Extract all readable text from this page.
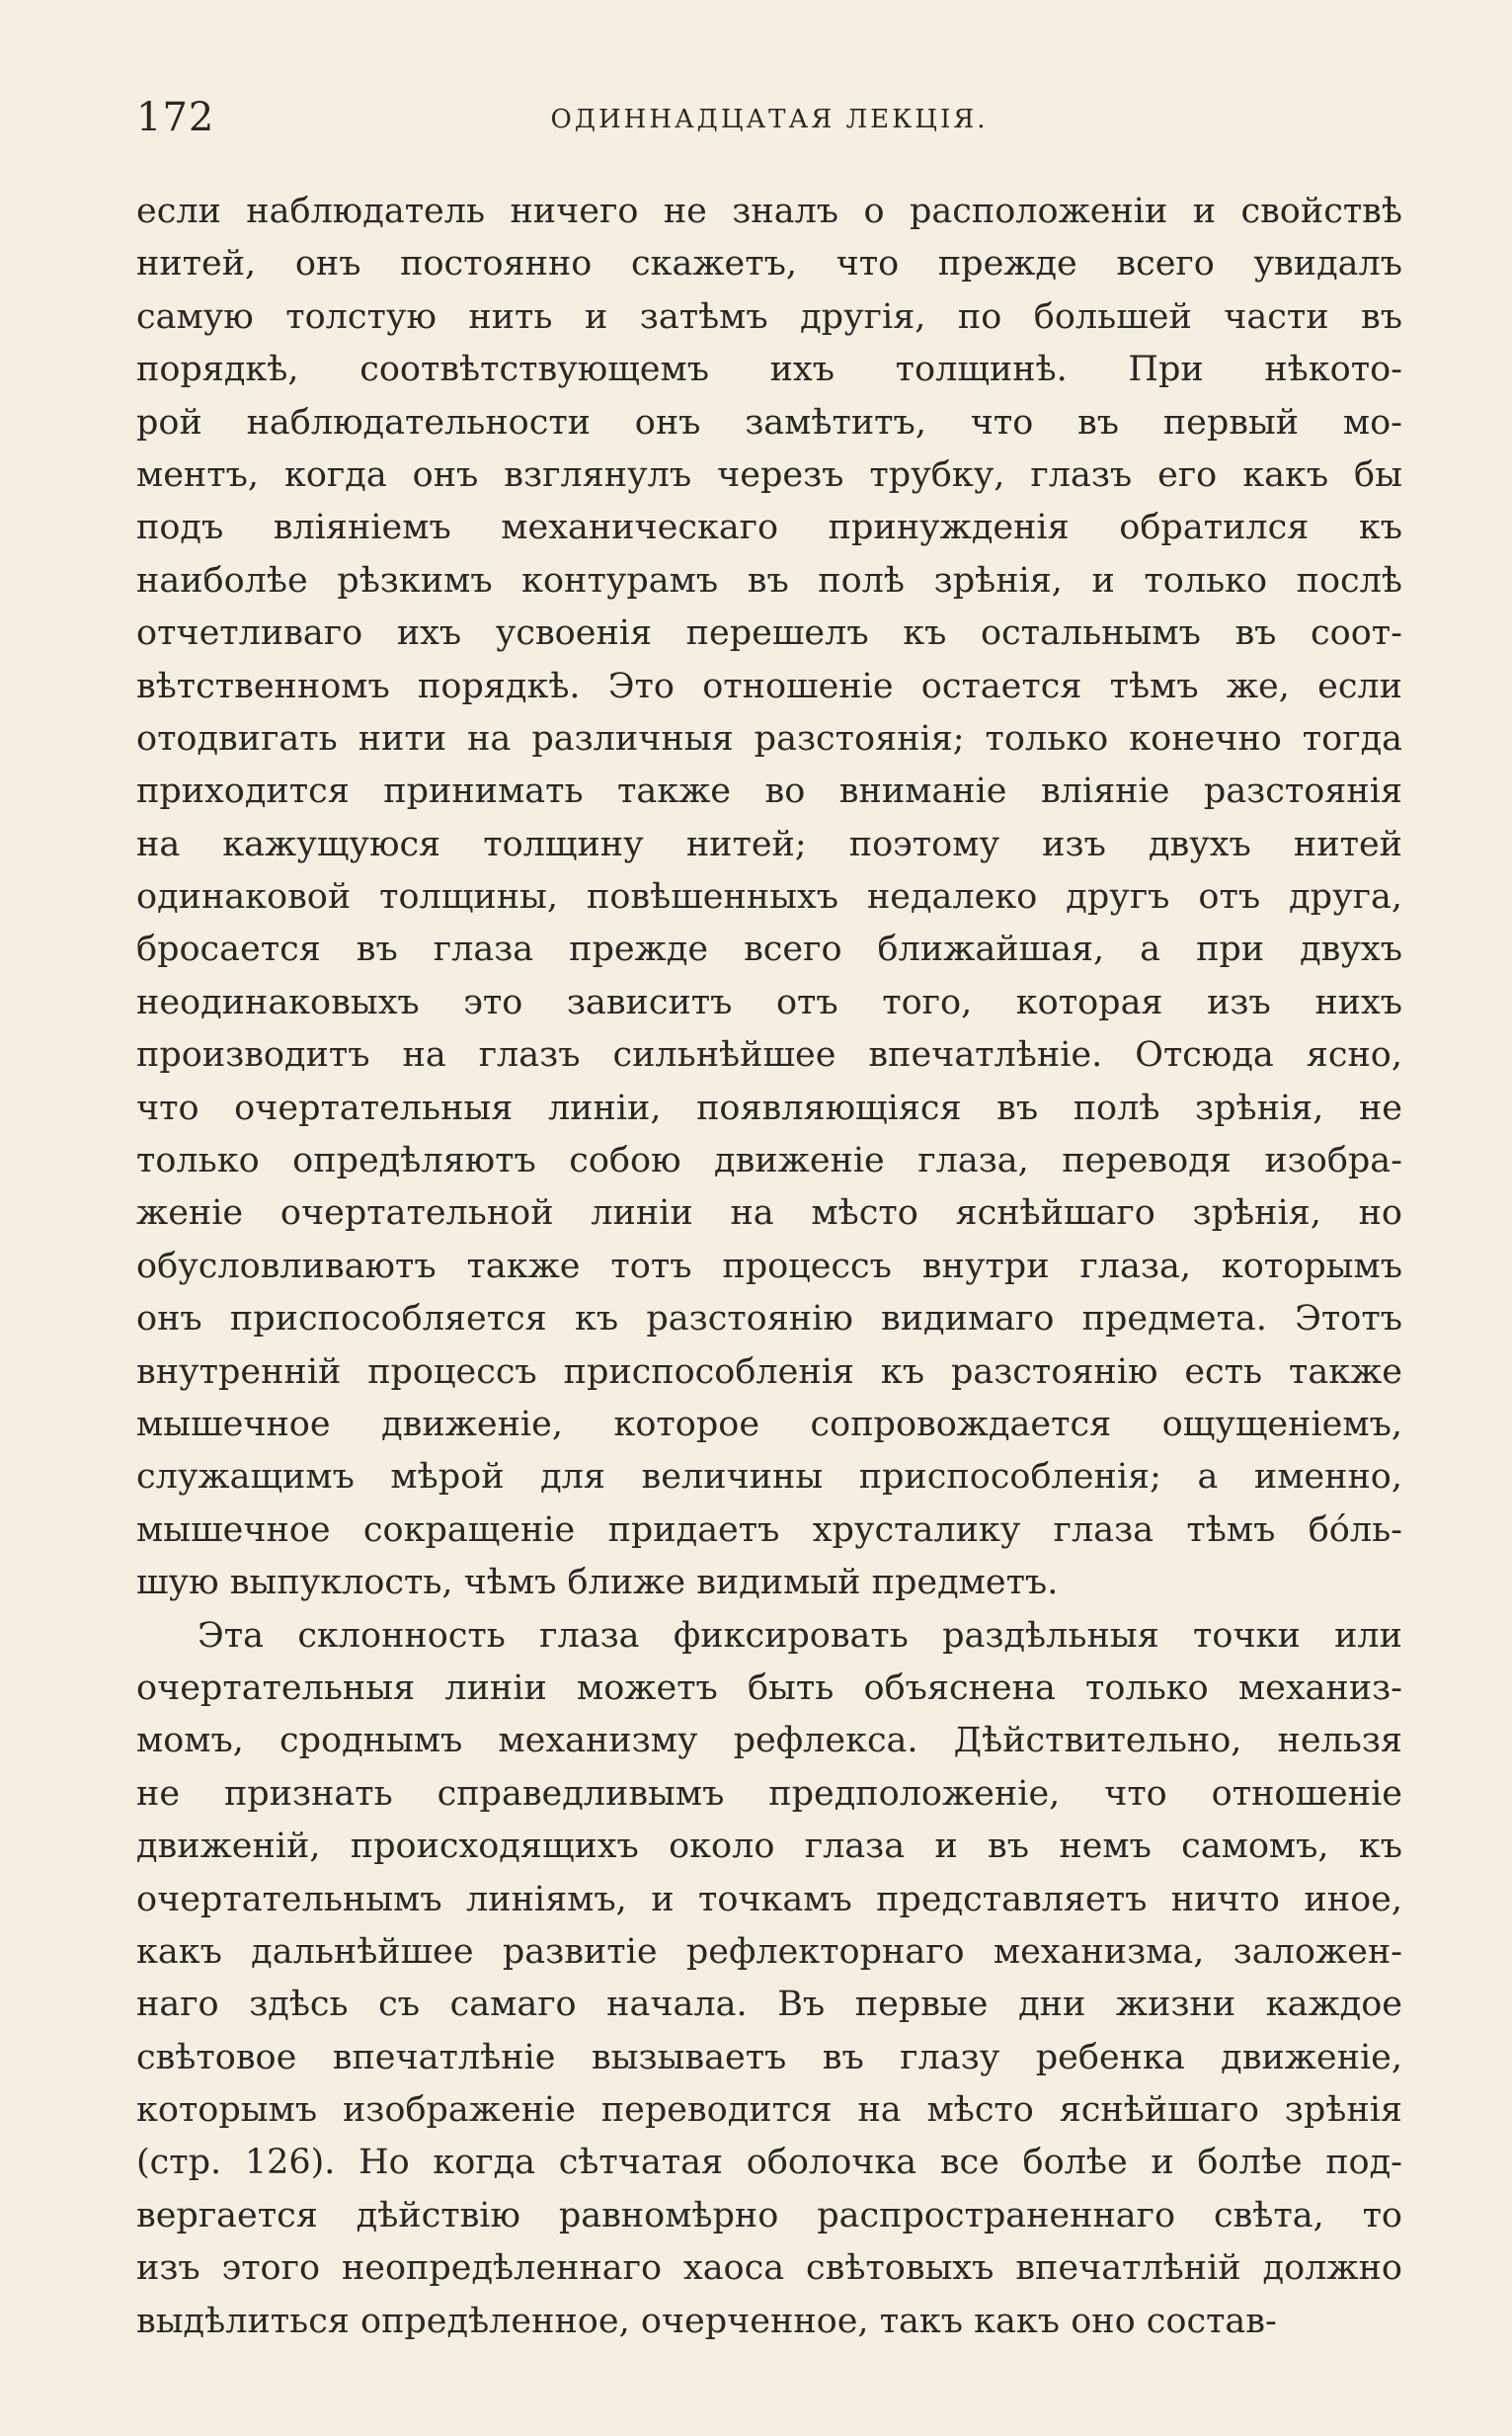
172	ОДИННАДЦАТАЯ ЛЕКЦІЯ.
если наблюдатель ничего не зналъ о расположеніи и свойствѣ
нитей, онъ постоянно скажетъ, что прежде всего увидалъ
самую толстую нить и затѣмъ другія, по большей части въ
порядкѣ, соотвѣтствующемъ ихъ толщинѣ. При нѣкото-
рой наблюдательности онъ замѣтитъ, что въ первый мо-
ментъ, когда онъ взглянулъ черезъ трубку, глазъ его какъ бы
подъ вліяніемъ механическаго принужденія обратился къ
наиболѣе рѣзкимъ контурамъ въ полѣ зрѣнія, и только послѣ
отчетливаго ихъ усвоенія перешелъ къ остальнымъ въ соот-
вѣтственномъ порядкѣ. Это отношеніе остается тѣмъ же, если
отодвигать нити на различныя разстоянія; только конечно тогда
приходится принимать также во вниманіе вліяніе разстоянія
на кажущуюся толщину нитей; поэтому изъ двухъ нитей
одинаковой толщины, повѣшенныхъ недалеко другъ отъ друга,
бросается въ глаза прежде всего ближайшая, а при двухъ
неодинаковыхъ это зависитъ отъ того, которая изъ нихъ
производитъ на глазъ сильнѣйшее впечатлѣніе. Отсюда ясно,
что очертательныя линіи, появляющіяся въ полѣ зрѣнія, не
только опредѣляютъ собою движеніе глаза, переводя изобра-
женіе очертательной линіи на мѣсто яснѣйшаго зрѣнія, но
обусловливаютъ также тотъ процессъ внутри глаза, которымъ
онъ приспособляется къ разстоянію видимаго предмета. Этотъ
внутренній процессъ приспособленія къ разстоянію есть также
мышечное движеніе, которое сопровождается ощущеніемъ,
служащимъ мѣрой для величины приспособленія; а именно,
мышечное сокращеніе придаетъ хрусталику глаза тѣмъ бо́ль-
шую выпуклость, чѣмъ ближе видимый предметъ.
Эта склонность глаза фиксировать раздѣльныя точки или
очертательныя линіи можетъ быть объяснена только механиз-
момъ, сроднымъ механизму рефлекса. Дѣйствительно, нельзя
не признать справедливымъ предположеніе, что отношеніе
движеній, происходящихъ около глаза и въ немъ самомъ, къ
очертательнымъ линіямъ, и точкамъ представляетъ ничто иное,
какъ дальнѣйшее развитіе рефлекторнаго механизма, заложен-
наго здѣсь съ самаго начала. Въ первые дни жизни каждое
свѣтовое впечатлѣніе вызываетъ въ глазу ребенка движеніе,
которымъ изображеніе переводится на мѣсто яснѣйшаго зрѣнія
(стр. 126). Но когда сѣтчатая оболочка все болѣе и болѣе под-
вергается дѣйствію равномѣрно распространеннаго свѣта, то
изъ этого неопредѣленнаго хаоса свѣтовыхъ впечатлѣній должно
выдѣлиться опредѣленное, очерченное, такъ какъ оно состав-
